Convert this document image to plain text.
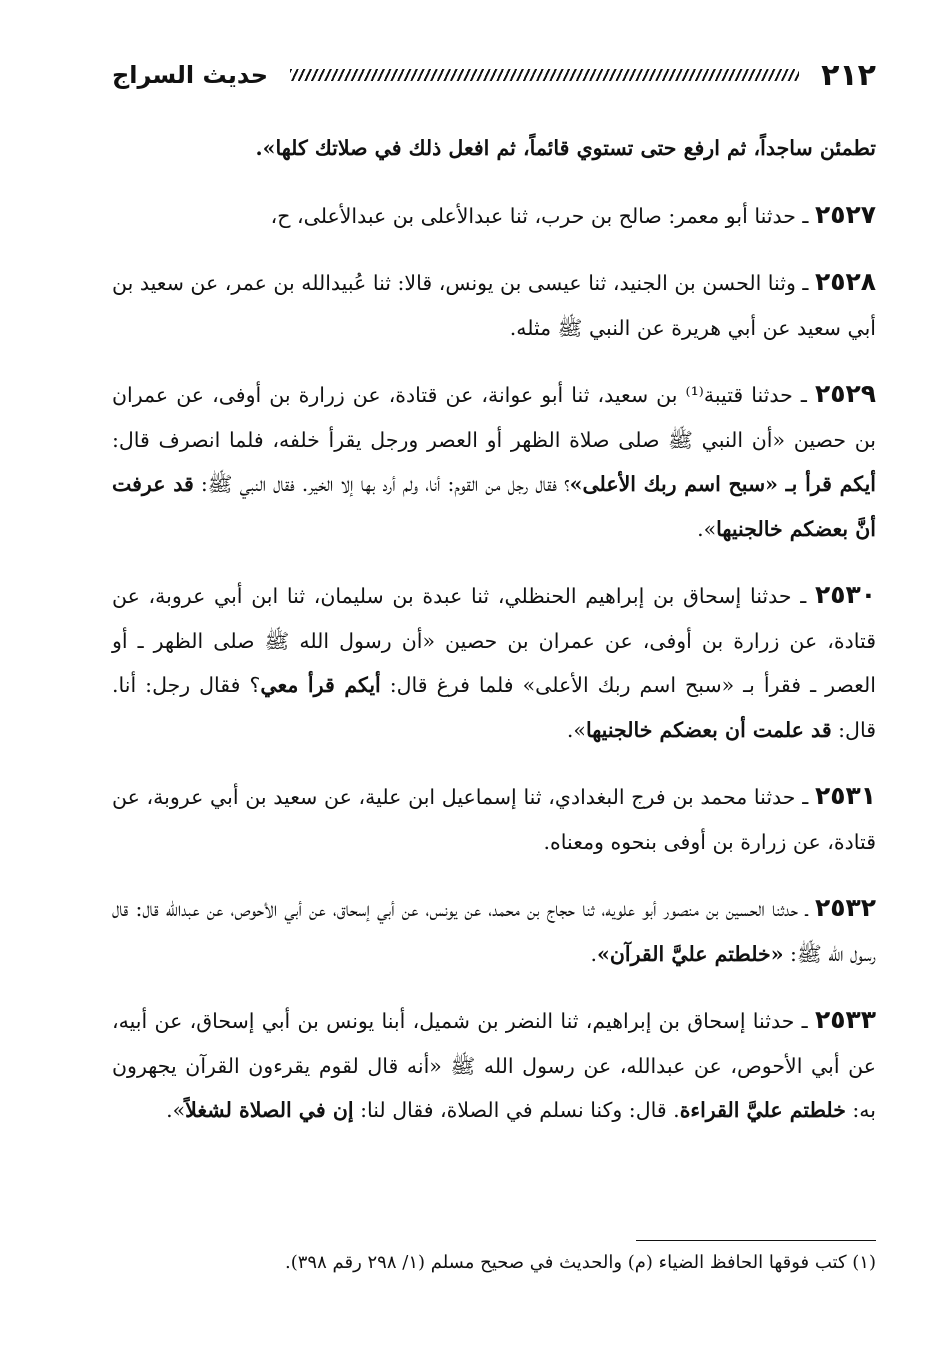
٢١٢
حديث السراج

تطمئن ساجداً، ثم ارفع حتى تستوي قائماً، ثم افعل ذلك في صلاتك كلها».

٢٥٢٧ ـ حدثنا أبو معمر: صالح بن حرب، ثنا عبدالأعلى بن عبدالأعلى، ح،

٢٥٢٨ ـ وثنا الحسن بن الجنيد، ثنا عيسى بن يونس، قالا: ثنا عُبيدالله بن عمر، عن سعيد بن أبي سعيد عن أبي هريرة عن النبي ﷺ مثله.

٢٥٢٩ ـ حدثنا قتيبة⁽¹⁾ بن سعيد، ثنا أبو عوانة، عن قتادة، عن زرارة بن أوفى، عن عمران بن حصين «أن النبي ﷺ صلى صلاة الظهر أو العصر ورجل يقرأ خلفه، فلما انصرف قال: أيكم قرأ بـ «سبح اسم ربك الأعلى»؟ فقال رجل من القوم: أنا، ولم أرد بها إلا الخير. فقال النبي ﷺ: قد عرفت أنَّ بعضكم خالجنيها».

٢٥٣٠ ـ حدثنا إسحاق بن إبراهيم الحنظلي، ثنا عبدة بن سليمان، ثنا ابن أبي عروبة، عن قتادة، عن زرارة بن أوفى، عن عمران بن حصين «أن رسول الله ﷺ صلى الظهر ـ أو العصر ـ فقرأ بـ «سبح اسم ربك الأعلى» فلما فرغ قال: أيكم قرأ معي؟ فقال رجل: أنا. قال: قد علمت أن بعضكم خالجنيها».

٢٥٣١ ـ حدثنا محمد بن فرج البغدادي، ثنا إسماعيل ابن علية، عن سعيد بن أبي عروبة، عن قتادة، عن زرارة بن أوفى بنحوه ومعناه.

٢٥٣٢ ـ حدثنا الحسين بن منصور أبو علويه، ثنا حجاج بن محمد، عن يونس، عن أبي إسحاق، عن أبي الأحوص، عن عبدالله قال: قال رسول الله ﷺ: «خلطتم عليَّ القرآن».

٢٥٣٣ ـ حدثنا إسحاق بن إبراهيم، ثنا النضر بن شميل، أبنا يونس بن أبي إسحاق، عن أبيه، عن أبي الأحوص، عن عبدالله، عن رسول الله ﷺ «أنه قال لقوم يقرءون القرآن يجهرون به: خلطتم عليَّ القراءة. قال: وكنا نسلم في الصلاة، فقال لنا: إن في الصلاة لشغلاً».

(١) كتب فوقها الحافظ الضياء (م) والحديث في صحيح مسلم (١/ ٢٩٨ رقم ٣٩٨).
